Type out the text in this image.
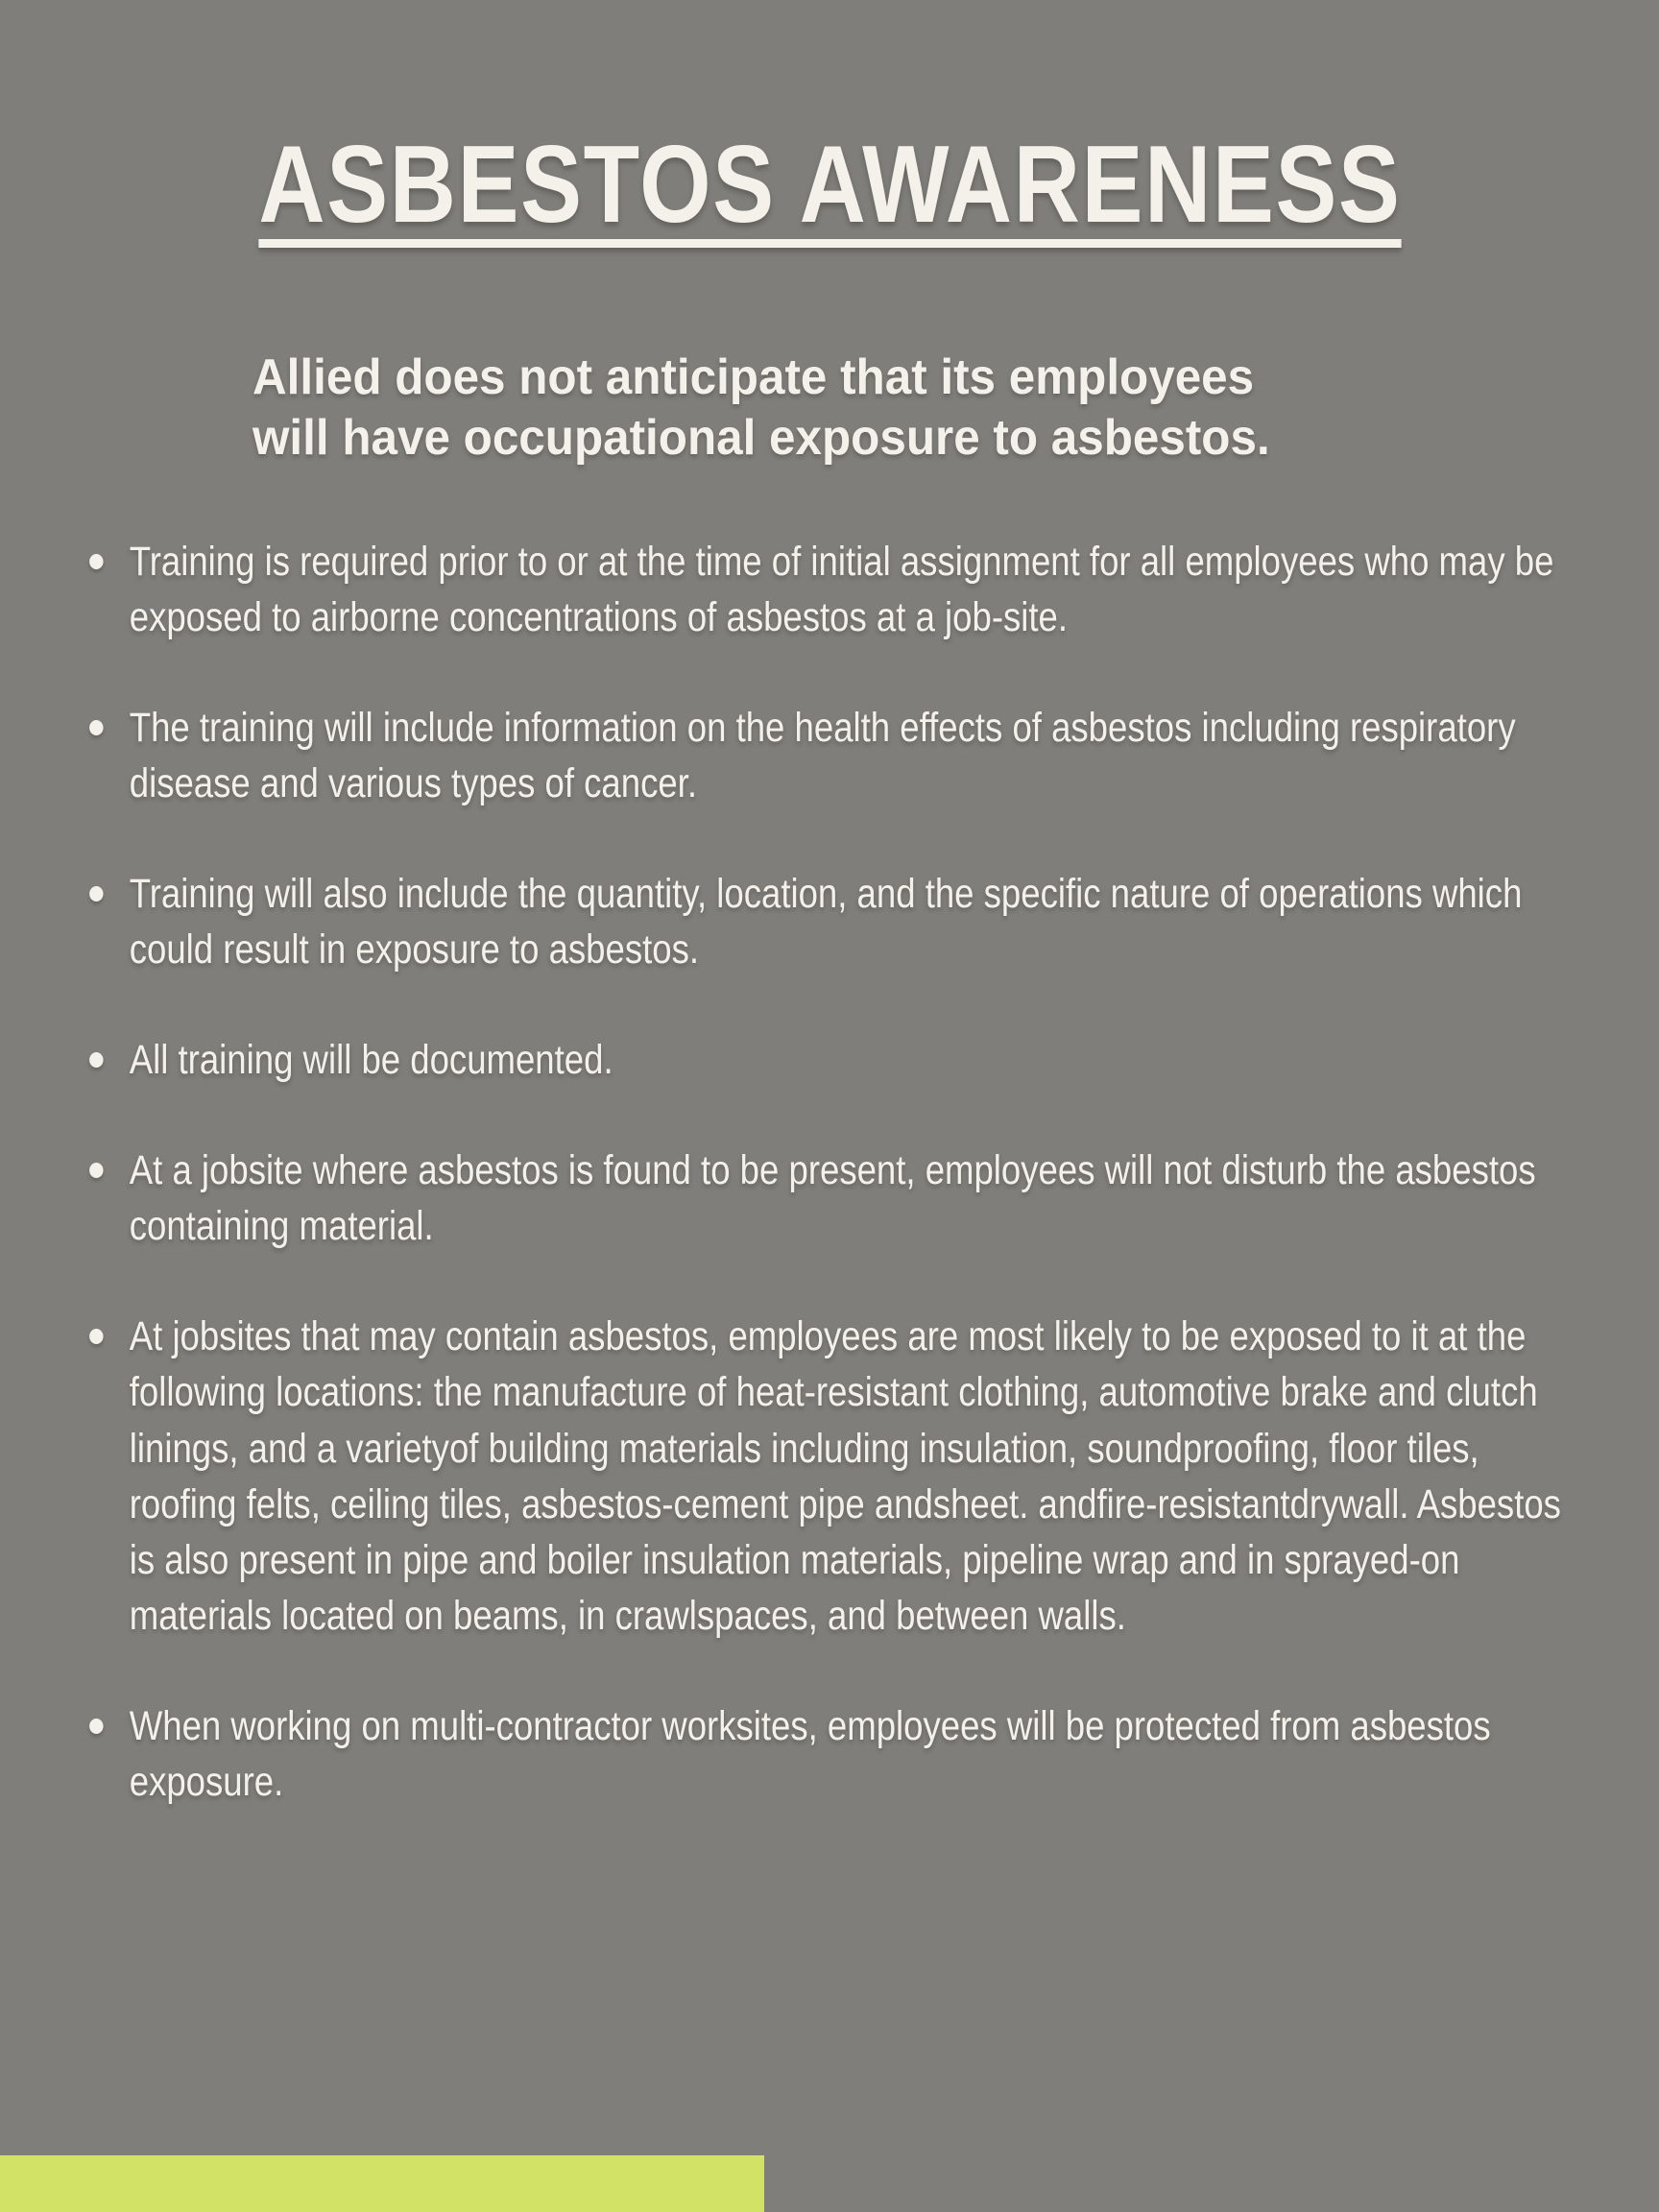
ASBESTOS AWARENESS
Allied does not anticipate that its employees
will have occupational exposure to asbestos.
Training is required prior to or at the time of initial assignment for all employees who may be exposed to airborne concentrations of asbestos at a job-site.
The training will include information on the health effects of asbestos including respiratory disease and various types of cancer.
Training will also include the quantity, location, and the specific nature of operations which could result in exposure to asbestos.
All training will be documented.
At a jobsite where asbestos is found to be present, employees will not disturb the asbestos containing material.
At jobsites that may contain asbestos, employees are most likely to be exposed to it at the following locations: the manufacture of heat-resistant clothing, automotive brake and clutch linings, and a varietyof building materials including insulation, soundproofing, floor tiles, roofing felts, ceiling tiles, asbestos-cement pipe andsheet. andfire-resistantdrywall. Asbestos is also present in pipe and boiler insulation materials, pipeline wrap and in sprayed-on materials located on beams, in crawlspaces, and between walls.
When working on multi-contractor worksites, employees will be protected from asbestos exposure.
